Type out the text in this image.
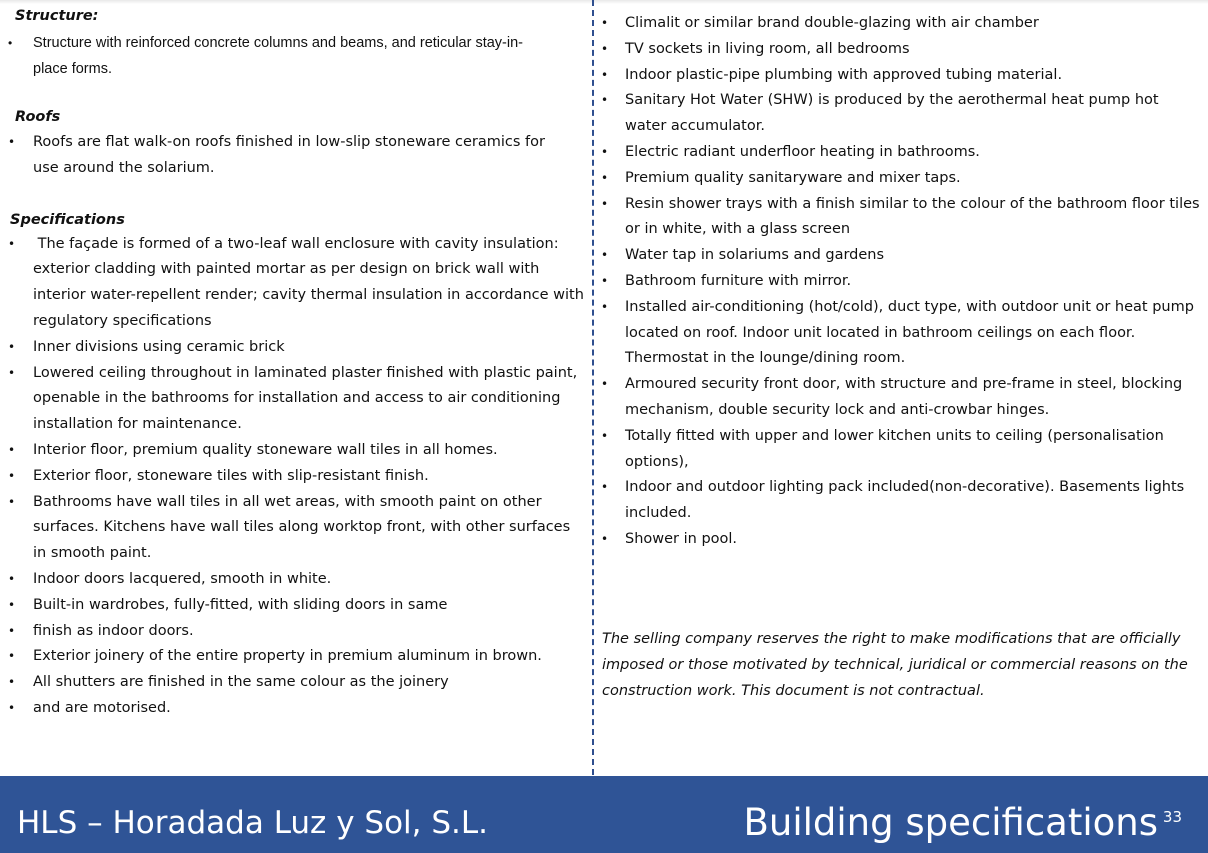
Structure:
• Structure with reinforced concrete columns and beams, and reticular stay-in-place forms.
Roofs
• Roofs are flat walk-on roofs finished in low-slip stoneware ceramics for use around the solarium.
Specifications
• The façade is formed of a two-leaf wall enclosure with cavity insulation: exterior cladding with painted mortar as per design on brick wall with interior water-repellent render; cavity thermal insulation in accordance with regulatory specifications
• Inner divisions using ceramic brick
• Lowered ceiling throughout in laminated plaster finished with plastic paint, openable in the bathrooms for installation and access to air conditioning installation for maintenance.
• Interior floor, premium quality stoneware wall tiles in all homes.
• Exterior floor, stoneware tiles with slip-resistant finish.
• Bathrooms have wall tiles in all wet areas, with smooth paint on other surfaces. Kitchens have wall tiles along worktop front, with other surfaces in smooth paint.
• Indoor doors lacquered, smooth in white.
• Built-in wardrobes, fully-fitted, with sliding doors in same
• finish as indoor doors.
• Exterior joinery of the entire property in premium aluminum in brown.
• All shutters are finished in the same colour as the joinery
• and are motorised.
• Climalit or similar brand double-glazing with air chamber
• TV sockets in living room, all bedrooms
• Indoor plastic-pipe plumbing with approved tubing material.
• Sanitary Hot Water (SHW) is produced by the aerothermal heat pump hot water accumulator.
• Electric radiant underfloor heating in bathrooms.
• Premium quality sanitaryware and mixer taps.
• Resin shower trays with a finish similar to the colour of the bathroom floor tiles or in white, with a glass screen
• Water tap in solariums and gardens
• Bathroom furniture with mirror.
• Installed air-conditioning (hot/cold), duct type, with outdoor unit or heat pump located on roof. Indoor unit located in bathroom ceilings on each floor. Thermostat in the lounge/dining room.
• Armoured security front door, with structure and pre-frame in steel, blocking mechanism, double security lock and anti-crowbar hinges.
• Totally fitted with upper and lower kitchen units to ceiling (personalisation options),
• Indoor and outdoor lighting pack included(non-decorative). Basements lights included.
• Shower in pool.

The selling company reserves the right to make modifications that are officially imposed or those motivated by technical, juridical or commercial reasons on the construction work. This document is not contractual.

HLS – Horadada Luz y Sol, S.L.	Building specifications 33
